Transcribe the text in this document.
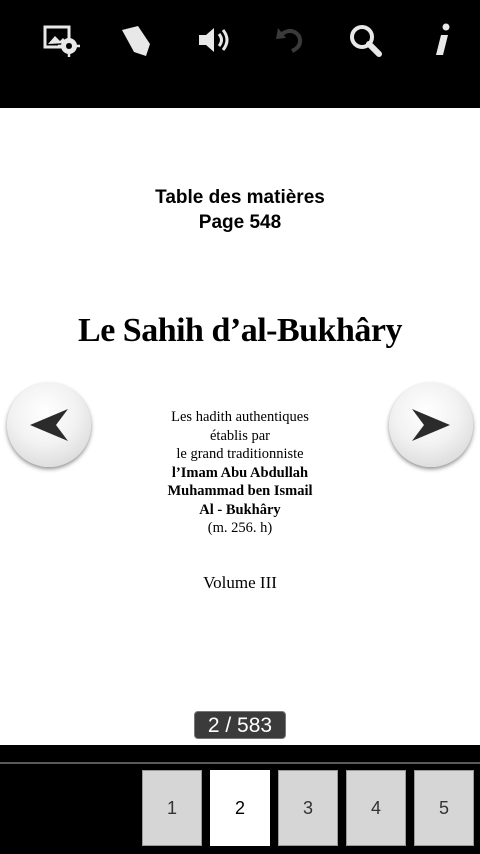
Table des matières
Page 548
Le Sahih d’al-Bukhâry
Les hadith authentiques
établis par
le grand traditionniste
l’Imam Abu Abdullah
Muhammad ben Ismail
Al - Bukhâry
(m. 256. h)
Volume III
2 / 583
1	2	3	4	5
